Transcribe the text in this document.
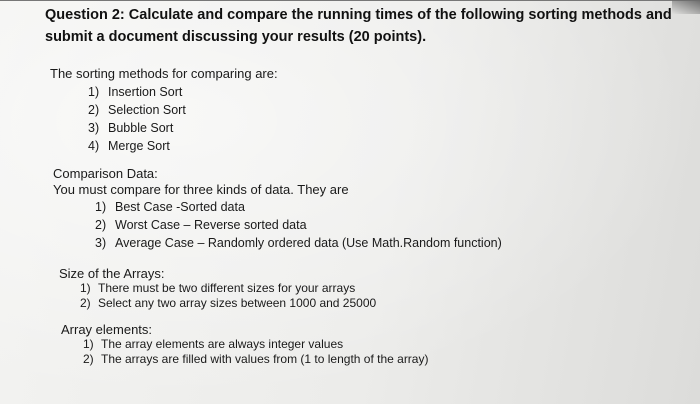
Question 2: Calculate and compare the running times of the following sorting methods and submit a document discussing your results (20 points).
The sorting methods for comparing are:
1) Insertion Sort
2) Selection Sort
3) Bubble Sort
4) Merge Sort
Comparison Data:
You must compare for three kinds of data. They are
1) Best Case -Sorted data
2) Worst Case – Reverse sorted data
3) Average Case – Randomly ordered data (Use Math.Random function)
Size of the Arrays:
1) There must be two different sizes for your arrays
2) Select any two array sizes between 1000 and 25000
Array elements:
1) The array elements are always integer values
2) The arrays are filled with values from (1 to length of the array)
